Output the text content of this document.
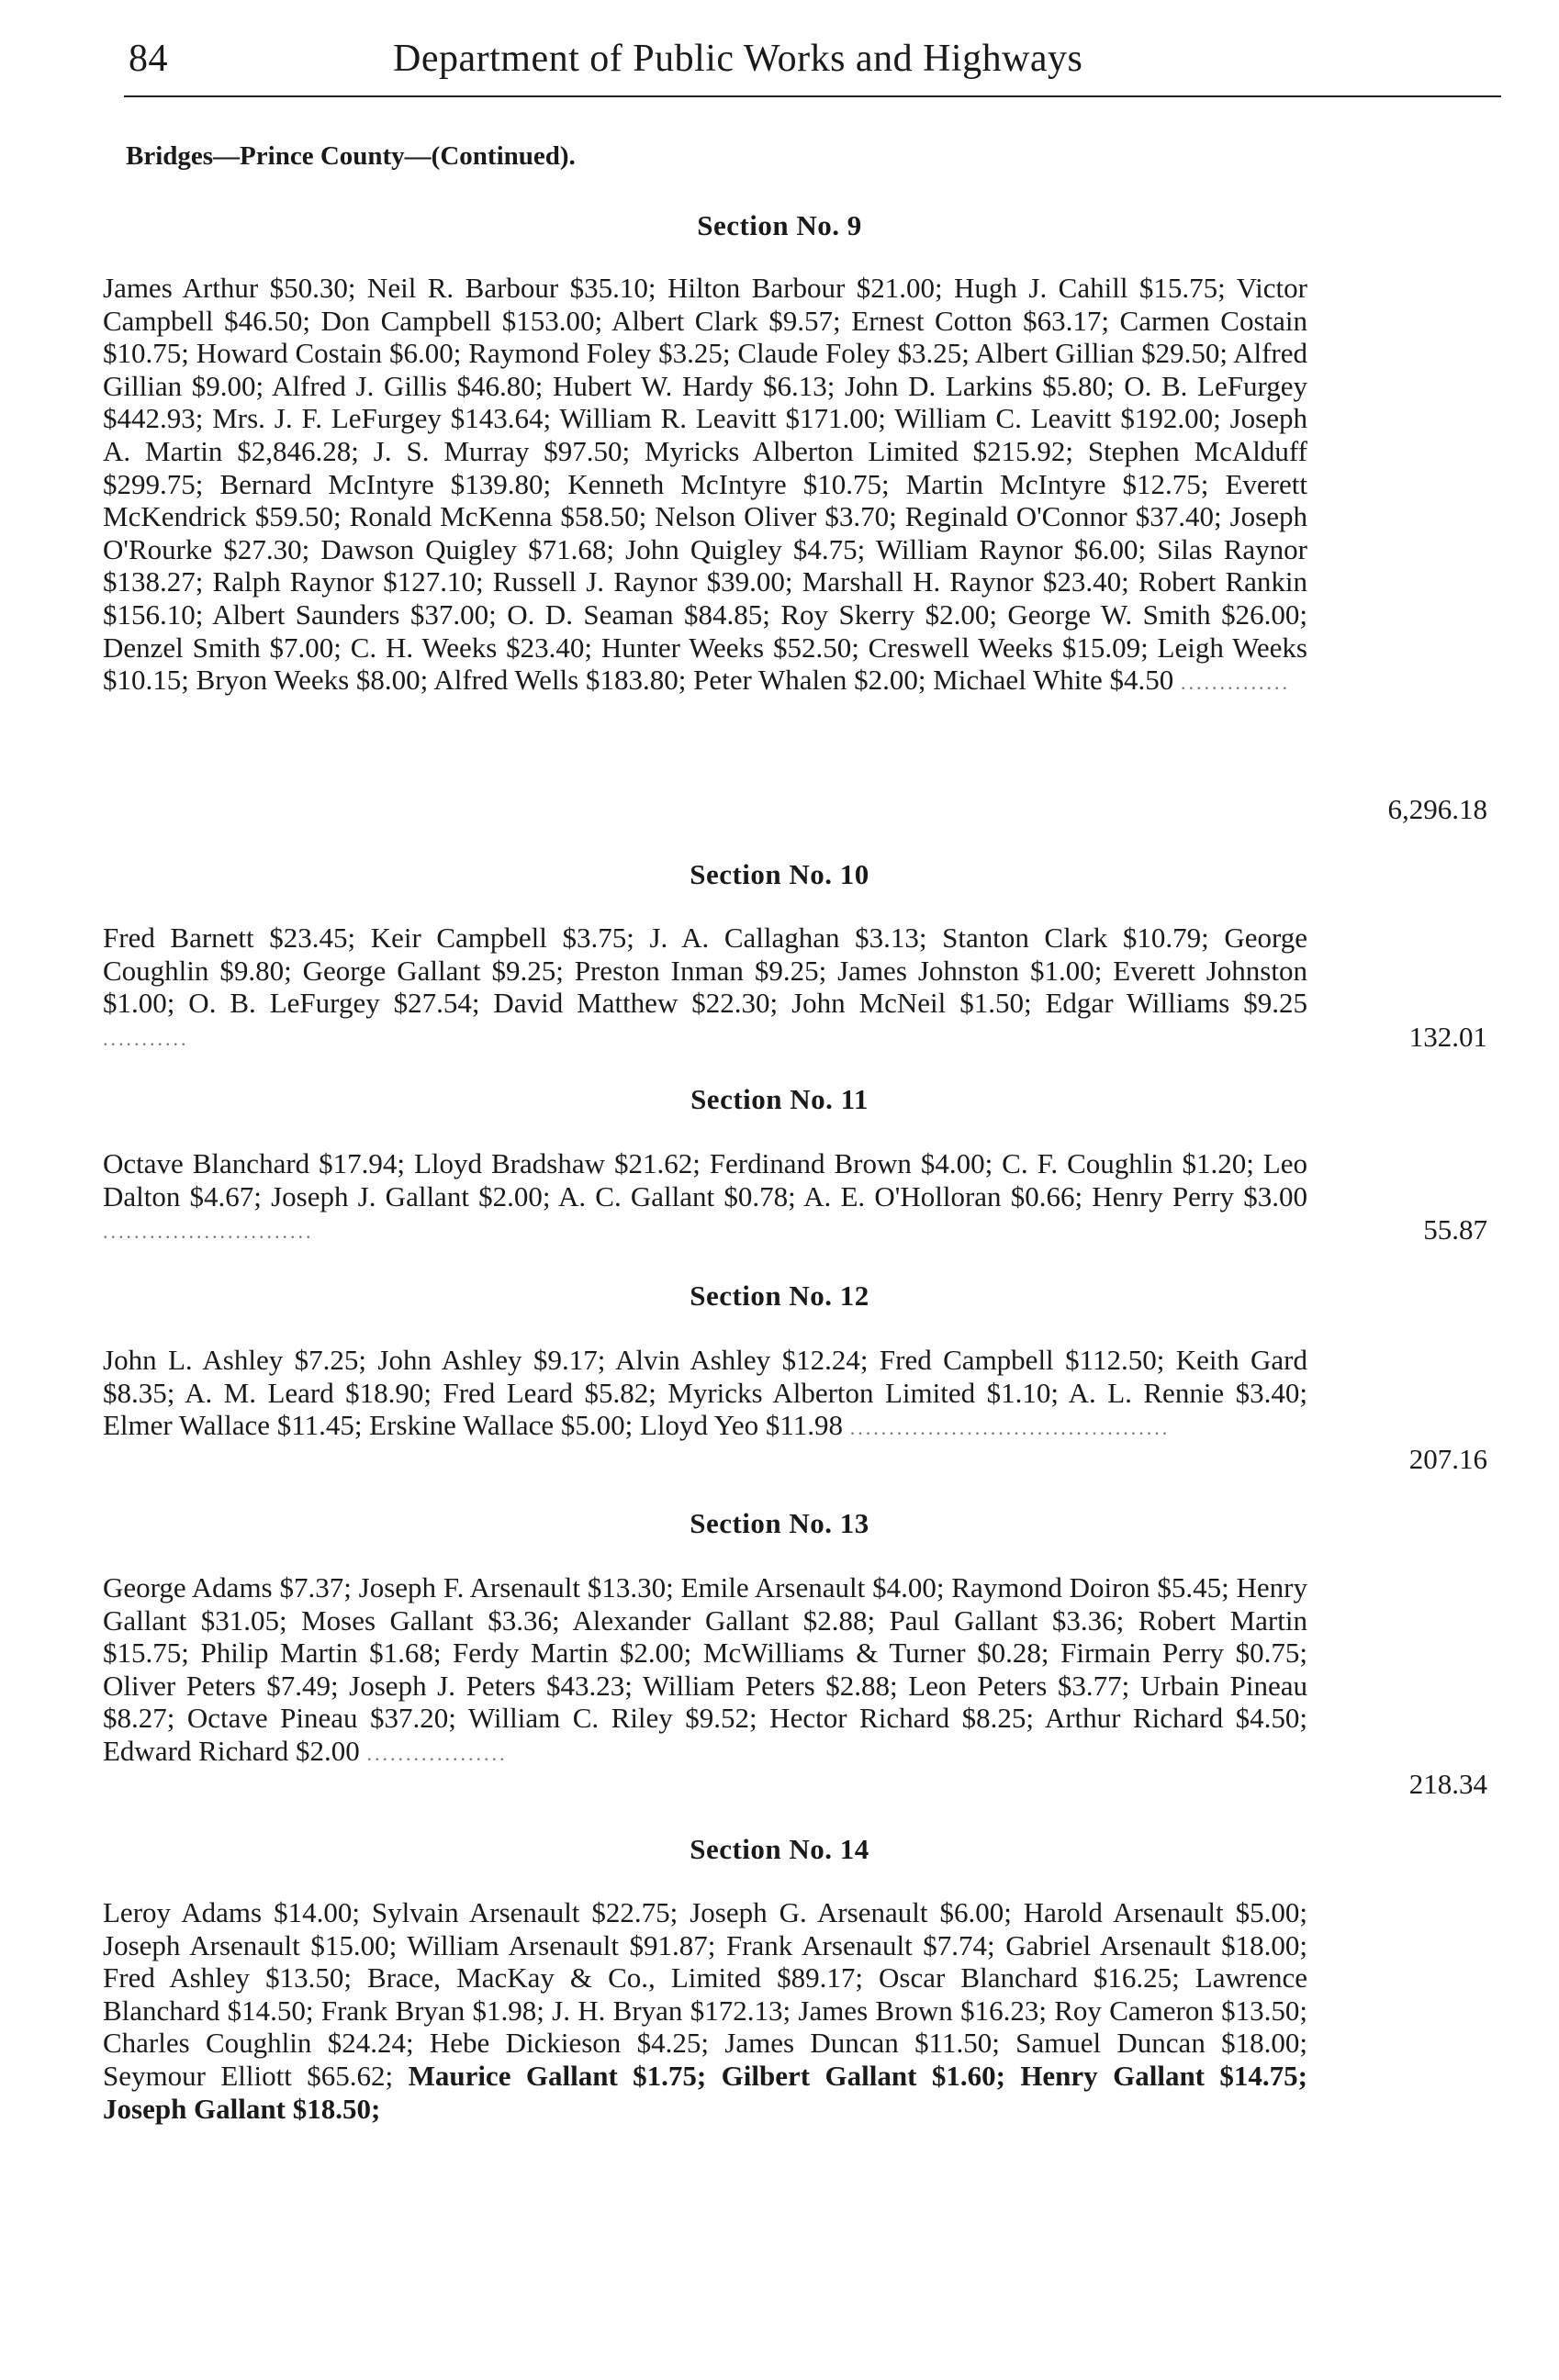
84	Department of Public Works and Highways
Bridges—Prince County—(Continued).
Section No. 9
James Arthur $50.30; Neil R. Barbour $35.10; Hilton Barbour $21.00; Hugh J. Cahill $15.75; Victor Campbell $46.50; Don Campbell $153.00; Albert Clark $9.57; Ernest Cotton $63.17; Carmen Costain $10.75; Howard Costain $6.00; Raymond Foley $3.25; Claude Foley $3.25; Albert Gillian $29.50; Alfred Gillian $9.00; Alfred J. Gillis $46.80; Hubert W. Hardy $6.13; John D. Larkins $5.80; O. B. LeFurgey $442.93; Mrs. J. F. LeFurgey $143.64; William R. Leavitt $171.00; William C. Leavitt $192.00; Joseph A. Martin $2,846.28; J. S. Murray $97.50; Myricks Alberton Limited $215.92; Stephen McAlduff $299.75; Bernard McIntyre $139.80; Kenneth McIntyre $10.75; Martin McIntyre $12.75; Everett McKendrick $59.50; Ronald McKenna $58.50; Nelson Oliver $3.70; Reginald O'Connor $37.40; Joseph O'Rourke $27.30; Dawson Quigley $71.68; John Quigley $4.75; William Raynor $6.00; Silas Raynor $138.27; Ralph Raynor $127.10; Russell J. Raynor $39.00; Marshall H. Raynor $23.40; Robert Rankin $156.10; Albert Saunders $37.00; O. D. Seaman $84.85; Roy Skerry $2.00; George W. Smith $26.00; Denzel Smith $7.00; C. H. Weeks $23.40; Hunter Weeks $52.50; Creswell Weeks $15.09; Leigh Weeks $10.15; Bryon Weeks $8.00; Alfred Wells $183.80; Peter Whalen $2.00; Michael White $4.50 ..............
6,296.18
Section No. 10
Fred Barnett $23.45; Keir Campbell $3.75; J. A. Callaghan $3.13; Stanton Clark $10.79; George Coughlin $9.80; George Gallant $9.25; Preston Inman $9.25; James Johnston $1.00; Everett Johnston $1.00; O. B. LeFurgey $27.54; David Matthew $22.30; John McNeil $1.50; Edgar Williams $9.25 ...........	132.01
Section No. 11
Octave Blanchard $17.94; Lloyd Bradshaw $21.62; Ferdinand Brown $4.00; C. F. Coughlin $1.20; Leo Dalton $4.67; Joseph J. Gallant $2.00; A. C. Gallant $0.78; A. E. O'Holloran $0.66; Henry Perry $3.00 ...........................	55.87
Section No. 12
John L. Ashley $7.25; John Ashley $9.17; Alvin Ashley $12.24; Fred Campbell $112.50; Keith Gard $8.35; A. M. Leard $18.90; Fred Leard $5.82; Myricks Alberton Limited $1.10; A. L. Rennie $3.40; Elmer Wallace $11.45; Erskine Wallace $5.00; Lloyd Yeo $11.98 .........................................
207.16
Section No. 13
George Adams $7.37; Joseph F. Arsenault $13.30; Emile Arsenault $4.00; Raymond Doiron $5.45; Henry Gallant $31.05; Moses Gallant $3.36; Alexander Gallant $2.88; Paul Gallant $3.36; Robert Martin $15.75; Philip Martin $1.68; Ferdy Martin $2.00; McWilliams & Turner $0.28; Firmain Perry $0.75; Oliver Peters $7.49; Joseph J. Peters $43.23; William Peters $2.88; Leon Peters $3.77; Urbain Pineau $8.27; Octave Pineau $37.20; William C. Riley $9.52; Hector Richard $8.25; Arthur Richard $4.50; Edward Richard $2.00 ..................
218.34
Section No. 14
Leroy Adams $14.00; Sylvain Arsenault $22.75; Joseph G. Arsenault $6.00; Harold Arsenault $5.00; Joseph Arsenault $15.00; William Arsenault $91.87; Frank Arsenault $7.74; Gabriel Arsenault $18.00; Fred Ashley $13.50; Brace, MacKay & Co., Limited $89.17; Oscar Blanchard $16.25; Lawrence Blanchard $14.50; Frank Bryan $1.98; J. H. Bryan $172.13; James Brown $16.23; Roy Cameron $13.50; Charles Coughlin $24.24; Hebe Dickieson $4.25; James Duncan $11.50; Samuel Duncan $18.00; Seymour Elliott $65.62; Maurice Gallant $1.75; Gilbert Gallant $1.60; Henry Gallant $14.75; Joseph Gallant $18.50;
